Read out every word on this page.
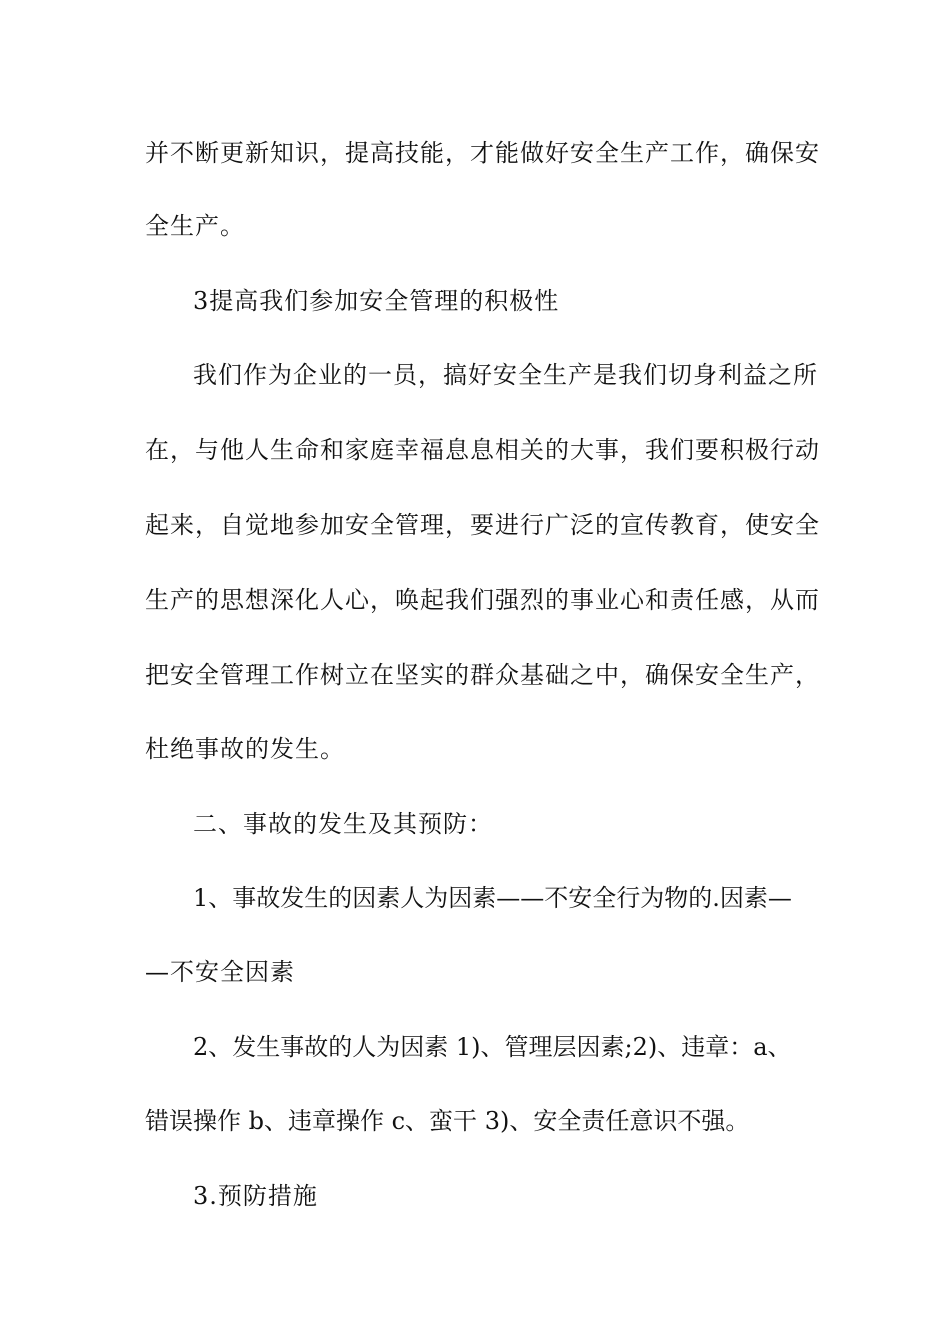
并不断更新知识，提高技能，才能做好安全生产工作，确保安
全生产。
3提高我们参加安全管理的积极性
我们作为企业的一员，搞好安全生产是我们切身利益之所
在，与他人生命和家庭幸福息息相关的大事，我们要积极行动
起来，自觉地参加安全管理，要进行广泛的宣传教育，使安全
生产的思想深化人心，唤起我们强烈的事业心和责任感，从而
把安全管理工作树立在坚实的群众基础之中，确保安全生产，
杜绝事故的发生。
二、事故的发生及其预防：
1、事故发生的因素人为因素——不安全行为物的.因素—
—不安全因素
2、发生事故的人为因素 1)、管理层因素;2)、违章：a、
错误操作 b、违章操作 c、蛮干 3)、安全责任意识不强。
3.预防措施
